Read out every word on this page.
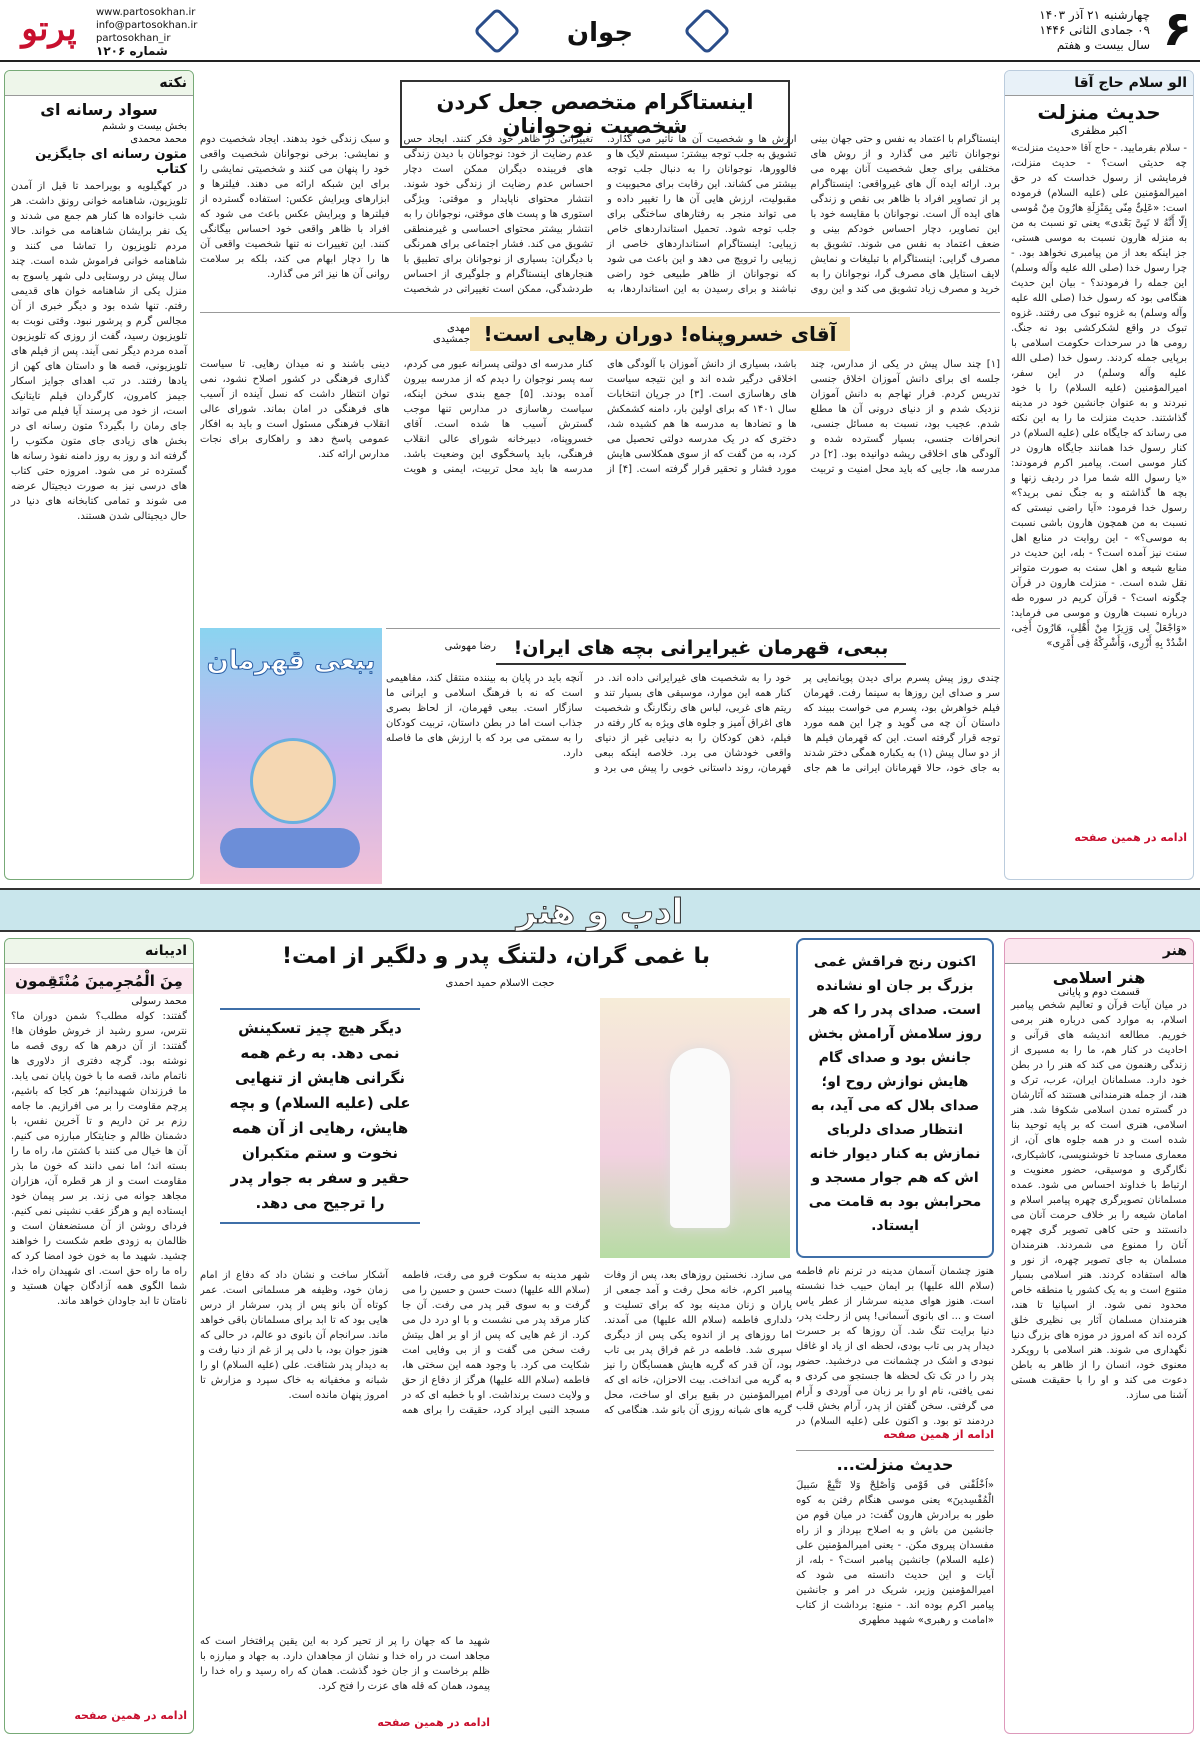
۶
چهارشنبه ۲۱ آذر ۱۴۰۳
۰۹ جمادی الثانی ۱۴۴۶
سال بیست و هفتم
جوان
www.partosokhan.ir
info@partosokhan.ir
partosokhan_ir
شماره ۱۲۰۶
پرتو
الو سلام حاج آقا
حدیث منزلت
اکبر مظفری
- سلام بفرمایید. - حاج آقا «حدیث منزلت» چه حدیثی است؟ - حدیث منزلت، فرمایشی از رسول خداست که در حق امیرالمؤمنین علی (علیه السلام) فرموده است: «عَلِیٌّ مِنّی بِمَنْزِلَةِ هارُونَ مِنْ مُوسی اِلّا أَنَّهُ لا نَبِیَّ بَعْدی» یعنی تو نسبت به من به منزله هارون نسبت به موسی هستی، جز اینکه بعد از من پیامبری نخواهد بود. - چرا رسول خدا (صلی الله علیه وآله وسلم) این جمله را فرمودند؟ - بیان این حدیث هنگامی بود که رسول خدا (صلی الله علیه وآله وسلم) به غزوه تبوک می رفتند. غزوه تبوک در واقع لشکرکشی بود نه جنگ. رومی ها در سرحدات حکومت اسلامی با برپایی جمله کردند. رسول خدا (صلی الله علیه وآله وسلم) در این سفر، امیرالمؤمنین (علیه السلام) را با خود نبردند و به عنوان جانشین خود در مدینه گذاشتند. حدیث منزلت ما را به این نکته می رساند که جایگاه علی (علیه السلام) در کنار رسول خدا همانند جایگاه هارون در کنار موسی است. پیامبر اکرم فرمودند: «یا رسول الله شما مرا در ردیف زنها و بچه ها گذاشته و به جنگ نمی برید؟» رسول خدا فرمود: «آیا راضی نیستی که نسبت به من همچون هارون باشی نسبت به موسی؟» - این روایت در منابع اهل سنت نیز آمده است؟ - بله، این حدیث در منابع شیعه و اهل سنت به صورت متواتر نقل شده است. - منزلت هارون در قرآن چگونه است؟ - قرآن کریم در سوره طه درباره نسبت هارون و موسی می فرماید: «وَاجْعَلْ لِی وَزِیرًا مِنْ أَهْلِی، هَارُونَ أَخِی، اشْدُدْ بِهِ أَزْرِی، وَأَشْرِکْهُ فِی أَمْرِی»
ادامه در همین صفحه
اینستاگرام متخصص جعل کردن شخصیت نوجوانان
اینستاگرام با اعتماد به نفس و حتی جهان بینی نوجوانان تاثیر می گذارد و از روش های مختلفی برای جعل شخصیت آنان بهره می برد. ارائه ایده آل های غیرواقعی: اینستاگرام پر از تصاویر افراد با ظاهر بی نقص و زندگی های ایده آل است. نوجوانان با مقایسه خود با این تصاویر، دچار احساس خودکم بینی و ضعف اعتماد به نفس می شوند. تشویق به مصرف گرایی: اینستاگرام با تبلیغات و نمایش لایف استایل های مصرف گرا، نوجوانان را به خرید و مصرف زیاد تشویق می کند و این روی ارزش ها و شخصیت آن ها تأثیر می گذارد. تشویق به جلب توجه بیشتر: سیستم لایک ها و فالوورها، نوجوانان را به دنبال جلب توجه بیشتر می کشاند. این رقابت برای محبوبیت و مقبولیت، ارزش هایی آن ها را تغییر داده و می تواند منجر به رفتارهای ساختگی برای جلب توجه شود. تحمیل استانداردهای خاص زیبایی: اینستاگرام استانداردهای خاصی از زیبایی را ترویج می دهد و این باعث می شود که نوجوانان از ظاهر طبیعی خود راضی نباشند و برای رسیدن به این استانداردها، به تغییراتی در ظاهر خود فکر کنند. ایجاد حس عدم رضایت از خود: نوجوانان با دیدن زندگی های فریبنده دیگران ممکن است دچار احساس عدم رضایت از زندگی خود شوند. انتشار محتوای ناپایدار و موقتی: ویژگی استوری ها و پست های موقتی، نوجوانان را به انتشار بیشتر محتوای احساسی و غیرمنطقی تشویق می کند. فشار اجتماعی برای همرنگی با دیگران: بسیاری از نوجوانان برای تطبیق با هنجارهای اینستاگرام و جلوگیری از احساس طردشدگی، ممکن است تغییراتی در شخصیت و سبک زندگی خود بدهند. ایجاد شخصیت دوم و نمایشی: برخی نوجوانان شخصیت واقعی خود را پنهان می کنند و شخصیتی نمایشی را برای این شبکه ارائه می دهند. فیلترها و ابزارهای ویرایش عکس: استفاده گسترده از فیلترها و ویرایش عکس باعث می شود که افراد با ظاهر واقعی خود احساس بیگانگی کنند. این تغییرات نه تنها شخصیت واقعی آن ها را دچار ابهام می کند، بلکه بر سلامت روانی آن ها نیز اثر می گذارد.
نکته
سواد رسانه ای
بخش بیست و ششم
محمد محمدی
متون رسانه ای جایگزین کتاب
در کهگیلویه و بویراحمد تا قبل از آمدن تلویزیون، شاهنامه خوانی رونق داشت. هر شب خانواده ها کنار هم جمع می شدند و یک نفر برایشان شاهنامه می خواند. حالا مردم تلویزیون را تماشا می کنند و شاهنامه خوانی فراموش شده است. چند سال پیش در روستایی دلی شهر یاسوج به منزل یکی از شاهنامه خوان های قدیمی رفتم. تنها شده بود و دیگر خبری از آن مجالس گرم و پرشور نبود. وقتی نوبت به تلویزیون رسید، گفت از روزی که تلویزیون آمده مردم دیگر نمی آیند. پس از فیلم های تلویزیونی، قصه ها و داستان های کهن از یادها رفتند. در تب اهدای جوایز اسکار جیمز کامرون، کارگردان فیلم تایتانیک است، از خود می پرسند آیا فیلم می تواند جای رمان را بگیرد؟ متون رسانه ای در بخش های زیادی جای متون مکتوب را گرفته اند و روز به روز دامنه نفوذ رسانه ها گسترده تر می شود. امروزه حتی کتاب های درسی نیز به صورت دیجیتال عرضه می شوند و تمامی کتابخانه های دنیا در حال دیجیتالی شدن هستند.
آقای خسروپناه! دوران رهایی است!
مهدی جمشیدی
[۱] چند سال پیش در یکی از مدارس، چند جلسه ای برای دانش آموزان اخلاق جنسی تدریس کردم. فرار تهاجم به دانش آموزان نزدیک شدم و از دنیای درونی آن ها مطلع شدم. عجیب بود، نسبت به مسائل جنسی، انحرافات جنسی، بسیار گسترده شده و آلودگی های اخلاقی ریشه دوانیده بود. [۲] در مدرسه ها، جایی که باید محل امنیت و تربیت باشد، بسیاری از دانش آموزان با آلودگی های اخلاقی درگیر شده اند و این نتیجه سیاست های رهاسازی است. [۳] در جریان انتخابات سال ۱۴۰۱ که برای اولین بار، دامنه کشمکش ها و تضادها به مدرسه ها هم کشیده شد، دختری که در یک مدرسه دولتی تحصیل می کرد، به من گفت که از سوی همکلاسی هایش مورد فشار و تحقیر قرار گرفته است. [۴] از کنار مدرسه ای دولتی پسرانه عبور می کردم، سه پسر نوجوان را دیدم که از مدرسه بیرون آمده بودند. [۵] جمع بندی سخن اینکه، سیاست رهاسازی در مدارس تنها موجب گسترش آسیب ها شده است. آقای خسروپناه، دبیرخانه شورای عالی انقلاب فرهنگی، باید پاسخگوی این وضعیت باشد. مدرسه ها باید محل تربیت، ایمنی و هویت دینی باشند و نه میدان رهایی. تا سیاست گذاری فرهنگی در کشور اصلاح نشود، نمی توان انتظار داشت که نسل آینده از آسیب های فرهنگی در امان بماند. شورای عالی انقلاب فرهنگی مسئول است و باید به افکار عمومی پاسخ دهد و راهکاری برای نجات مدارس ارائه کند.
ببعی قهرمان	ببعی، قهرمان غیرایرانی بچه های ایران!
رضا مهوشی
چندی روز پیش پسرم برای دیدن پویانمایی پر سر و صدای این روزها به سینما رفت. قهرمان فیلم خواهرش بود، پسرم می خواست ببیند که داستان آن چه می گوید و چرا این همه مورد توجه قرار گرفته است. این که قهرمان فیلم ها از دو سال پیش (۱) به یکباره همگی دختر شدند به جای خود، حالا قهرمانان ایرانی ما هم جای خود را به شخصیت های غیرایرانی داده اند. در کنار همه این موارد، موسیقی های بسیار تند و ریتم های غربی، لباس های رنگارنگ و شخصیت های اغراق آمیز و جلوه های ویژه به کار رفته در فیلم، ذهن کودکان را به دنیایی غیر از دنیای واقعی خودشان می برد. خلاصه اینکه ببعی قهرمان، روند داستانی خوبی را پیش می برد و آنچه باید در پایان به بیننده منتقل کند، مفاهیمی است که نه با فرهنگ اسلامی و ایرانی ما سازگار است. ببعی قهرمان، از لحاظ بصری جذاب است اما در بطن داستان، تربیت کودکان را به سمتی می برد که با ارزش های ما فاصله دارد.
ادب و هنر
هنر
هنر اسلامی
قسمت دوم و پایانی
در میان آیات قرآن و تعالیم شخص پیامبر اسلام، به موارد کمی درباره هنر برمی خوریم. مطالعه اندیشه های قرآنی و احادیث در کنار هم، ما را به مسیری از زندگی رهنمون می کند که هنر را در بطن خود دارد. مسلمانان ایران، عرب، ترک و هند، از جمله هنرمندانی هستند که آثارشان در گستره تمدن اسلامی شکوفا شد. هنر اسلامی، هنری است که بر پایه توحید بنا شده است و در همه جلوه های آن، از معماری مساجد تا خوشنویسی، کاشیکاری، نگارگری و موسیقی، حضور معنویت و ارتباط با خداوند احساس می شود. عمده مسلمانان تصویرگری چهره پیامبر اسلام و امامان شیعه را بر خلاف حرمت آنان می دانستند و حتی کاهی تصویر گری چهره آنان را ممنوع می شمردند. هنرمندان مسلمان به جای تصویر چهره، از نور و هاله استفاده کردند. هنر اسلامی بسیار متنوع است و به یک کشور یا منطقه خاص محدود نمی شود. از اسپانیا تا هند، هنرمندان مسلمان آثار بی نظیری خلق کرده اند که امروز در موزه های بزرگ دنیا نگهداری می شوند. هنر اسلامی با رویکرد معنوی خود، انسان را از ظاهر به باطن دعوت می کند و او را با حقیقت هستی آشنا می سازد.
اکنون رنج فراقش غمی بزرگ بر جان او نشانده است. صدای پدر را که هر روز سلامش آرامش بخش جانش بود و صدای گام هایش نوازش روح او؛ صدای بلال که می آید، به انتظار صدای دلربای نمازش به کنار دیوار خانه اش که هم جوار مسجد و محرابش بود به قامت می ایستاد.
هنوز چشمان آسمان مدینه در ترنم نام فاطمه (سلام الله علیها) بر ایمان حبیب خدا نشسته است. هنوز هوای مدینه سرشار از عطر یاس است و ... ای بانوی آسمانی! پس از رحلت پدر، دنیا برایت تنگ شد. آن روزها که بر حسرت دیدار پدر بی تاب بودی، لحظه ای از یاد او غافل نبودی و اشک در چشمانت می درخشید. حضور پدر را در تک تک لحظه ها جستجو می کردی و نمی یافتی، نام او را بر زبان می آوردی و آرام می گرفتی. سخن گفتن از پدر، آرام بخش قلب دردمند تو بود. و اکنون علی (علیه السلام) در
ادامه از همین صفحه
حدیث منزلت...
«اُخْلُفْنی فی قَوْمی وَأَصْلِحْ وَلا تَتَّبِعْ سَبیلَ الْمُفْسِدینَ» یعنی موسی هنگام رفتن به کوه طور به برادرش هارون گفت: در میان قوم من جانشین من باش و به اصلاح بپرداز و از راه مفسدان پیروی مکن. - یعنی امیرالمؤمنین علی (علیه السلام) جانشین پیامبر است؟ - بله، از آیات و این حدیث دانسته می شود که امیرالمؤمنین وزیر، شریک در امر و جانشین پیامبر اکرم بوده اند. - منبع: برداشت از کتاب «امامت و رهبری» شهید مطهری
با غمی گران، دلتنگ پدر و دلگیر از امت!
حجت الاسلام حمید احمدی
دیگر هیچ چیز تسکینش نمی دهد. به رغم همه نگرانی هایش از تنهایی علی (علیه السلام) و بچه هایش، رهایی از آن همه نخوت و ستم متکبران حقیر و سفر به جوار پدر را ترجیح می دهد.
می سازد. نخستین روزهای بعد، پس از وفات پیامبر اکرم، خانه محل رفت و آمد جمعی از یاران و زنان مدینه بود که برای تسلیت و دلداری فاطمه (سلام الله علیها) می آمدند. اما روزهای پر از اندوه یکی پس از دیگری سپری شد. فاطمه در غم فراق پدر بی تاب بود، آن قدر که گریه هایش همسایگان را نیز به گریه می انداخت. بیت الاحزان، خانه ای که امیرالمؤمنین در بقیع برای او ساخت، محل گریه های شبانه روزی آن بانو شد. هنگامی که شهر مدینه به سکوت فرو می رفت، فاطمه (سلام الله علیها) دست حسن و حسین را می گرفت و به سوی قبر پدر می رفت. آن جا کنار مرقد پدر می نشست و با او درد دل می کرد. از غم هایی که پس از او بر اهل بیتش رفت سخن می گفت و از بی وفایی امت شکایت می کرد. با وجود همه این سختی ها، فاطمه (سلام الله علیها) هرگز از دفاع از حق و ولایت دست برنداشت. او با خطبه ای که در مسجد النبی ایراد کرد، حقیقت را برای همه آشکار ساخت و نشان داد که دفاع از امام زمان خود، وظیفه هر مسلمانی است. عمر کوتاه آن بانو پس از پدر، سرشار از درس هایی بود که تا ابد برای مسلمانان باقی خواهد ماند. سرانجام آن بانوی دو عالم، در حالی که هنوز جوان بود، با دلی پر از غم از دنیا رفت و به دیدار پدر شتافت. علی (علیه السلام) او را شبانه و مخفیانه به خاک سپرد و مزارش تا امروز پنهان مانده است.
شهید ما که جهان را پر از تحیر کرد به این یقین پرافتخار است که مجاهد است در راه خدا و نشان از مجاهدان دارد. به جهاد و مبارزه با ظلم برخاست و از جان خود گذشت. همان که راه رسید و راه خدا را پیمود، همان که قله های عزت را فتح کرد.
ادامه در همین صفحه
ادیبانه
مِنَ الْمُجرِمینَ مُنْتَقِمون
محمد رسولی
گفتند: کوله مطلب؟ شمن دوران ما؟ نترس، سرو رشید از خروش طوفان ها! گفتند: از آن درهم ها که روی قصه ما نوشته بود. گرچه دفتری از دلاوری ها ناتمام ماند، قصه ما با خون پایان نمی یابد. ما فرزندان شهیدانیم؛ هر کجا که باشیم، پرچم مقاومت را بر می افرازیم. ما جامه رزم بر تن داریم و تا آخرین نفس، با دشمنان ظالم و جنایتکار مبارزه می کنیم. آن ها خیال می کنند با کشتن ما، راه ما را بسته اند؛ اما نمی دانند که خون ما بذر مقاومت است و از هر قطره آن، هزاران مجاهد جوانه می زند. بر سر پیمان خود ایستاده ایم و هرگز عقب نشینی نمی کنیم. فردای روشن از آن مستضعفان است و ظالمان به زودی طعم شکست را خواهند چشید. شهید ما به خون خود امضا کرد که راه ما راه حق است. ای شهیدان راه خدا، شما الگوی همه آزادگان جهان هستید و نامتان تا ابد جاودان خواهد ماند.
ادامه در همین صفحه
